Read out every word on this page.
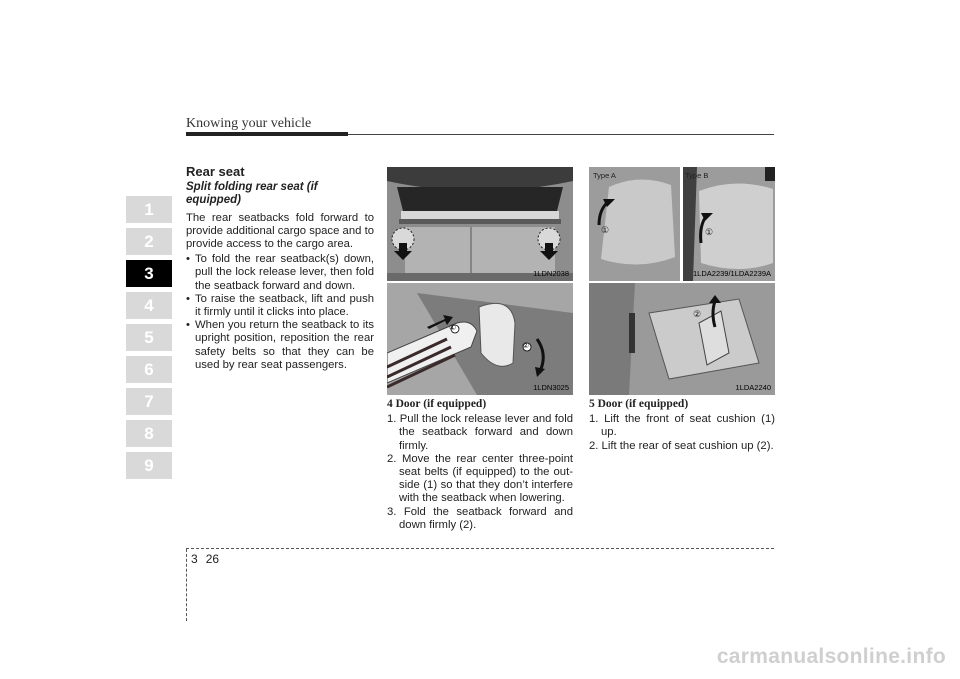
Knowing your vehicle
1
2
3
4
5
6
7
8
9
Rear seat
Split folding rear seat (if equipped)
The rear seatbacks fold forward to provide additional cargo space and to provide access to the cargo area.
• To fold the rear seatback(s) down, pull the lock release lever, then fold the seatback forward and down.
• To raise the seatback, lift and push it firmly until it clicks into place.
• When you return the seatback to its upright position, reposition the rear safety belts so that they can be used by rear seat passengers.
1LDN2038
①
②
1LDN3025
Type A	Type B
①	①
1LDA2239/1LDA2239A
②
1LDA2240
4 Door (if equipped)
1. Pull the lock release lever and fold the seatback forward and down firmly.
2. Move the rear center three-point seat belts (if equipped) to the out-side (1) so that they don’t interfere with the seatback when lowering.
3. Fold the seatback forward and down firmly (2).
5 Door (if equipped)
1. Lift the front of seat cushion (1) up.
2. Lift the rear of seat cushion up (2).
3 26
carmanualsonline.info
